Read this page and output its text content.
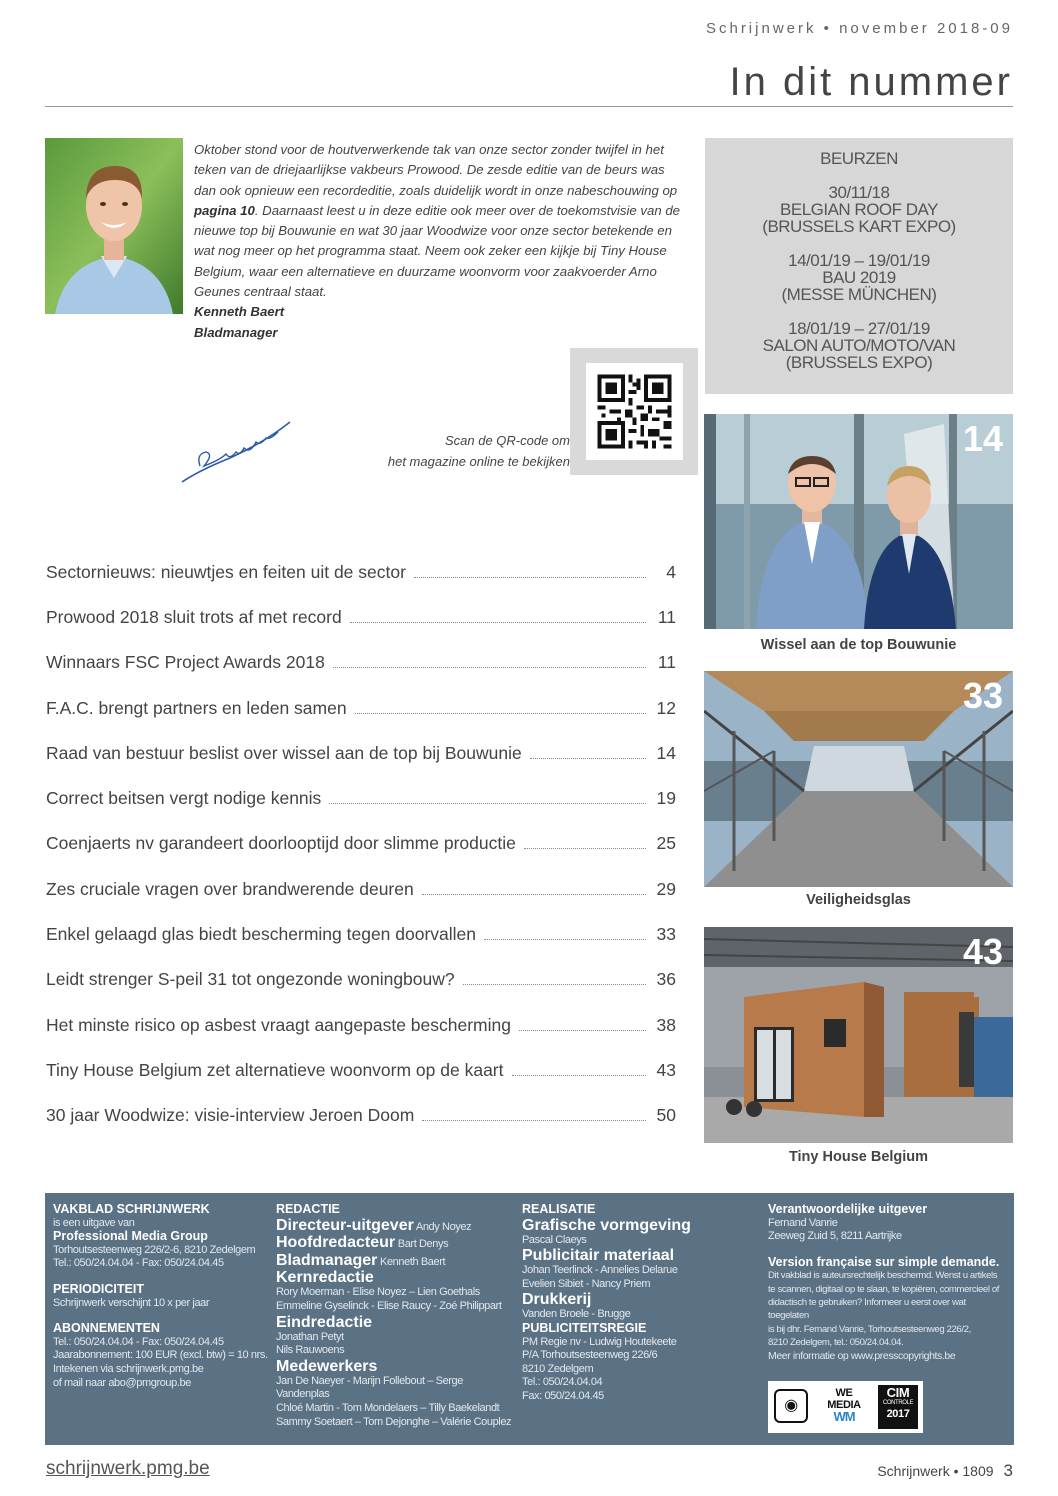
Schrijnwerk • november 2018-09
In dit nummer
Oktober stond voor de houtverwerkende tak van onze sector zonder twijfel in het teken van de driejaarlijkse vakbeurs Prowood. De zesde editie van de beurs was dan ook opnieuw een recordeditie, zoals duidelijk wordt in onze nabeschouwing op pagina 10. Daarnaast leest u in deze editie ook meer over de toekomstvisie van de nieuwe top bij Bouwunie en wat 30 jaar Woodwize voor onze sector betekende en wat nog meer op het programma staat. Neem ook zeker een kijkje bij Tiny House Belgium, waar een alternatieve en duurzame woonvorm voor zaakvoerder Arno Geunes centraal staat.
Kenneth Baert
Bladmanager
Scan de QR-code om
het magazine online te bekijken
BEURZEN
30/11/18
BELGIAN ROOF DAY
(BRUSSELS KART EXPO)
14/01/19 – 19/01/19
BAU 2019
(MESSE MÜNCHEN)
18/01/19 – 27/01/19
SALON AUTO/MOTO/VAN
(BRUSSELS EXPO)
Sectornieuws: nieuwtjes en feiten uit de sector	4
Prowood 2018 sluit trots af met record	11
Winnaars FSC Project Awards 2018	11
F.A.C. brengt partners en leden samen	12
Raad van bestuur beslist over wissel aan de top bij Bouwunie	14
Correct beitsen vergt nodige kennis	19
Coenjaerts nv garandeert doorlooptijd door slimme productie	25
Zes cruciale vragen over brandwerende deuren	29
Enkel gelaagd glas biedt bescherming tegen doorvallen	33
Leidt strenger S-peil 31 tot ongezonde woningbouw?	36
Het minste risico op asbest vraagt aangepaste bescherming	38
Tiny House Belgium zet alternatieve woonvorm op de kaart	43
30 jaar Woodwize: visie-interview Jeroen Doom	50
14
Wissel aan de top Bouwunie
33
Veiligheidsglas
43
Tiny House Belgium
VAKBLAD SCHRIJNWERK
is een uitgave van
Professional Media Group
Torhoutsesteenweg 226/2-6, 8210 Zedelgem
Tel.: 050/24.04.04 - Fax: 050/24.04.45
PERIODICITEIT
Schrijnwerk verschijnt 10 x per jaar
ABONNEMENTEN
Tel.: 050/24.04.04 - Fax: 050/24.04.45
Jaarabonnement: 100 EUR (excl. btw) = 10 nrs.
Intekenen via schrijnwerk.pmg.be
of mail naar abo@pmgroup.be
REDACTIE
Directeur-uitgever Andy Noyez
Hoofdredacteur Bart Denys
Bladmanager Kenneth Baert
Kernredactie
Rory Moerman - Elise Noyez – Lien Goethals
Emmeline Gyselinck - Elise Raucy - Zoé Philippart
Eindredactie
Jonathan Petyt
Nils Rauwoens
Medewerkers
Jan De Naeyer - Marijn Follebout – Serge Vandenplas
Chloé Martin - Tom Mondelaers – Tilly Baekelandt
Sammy Soetaert – Tom Dejonghe – Valérie Couplez
REALISATIE
Grafische vormgeving
Pascal Claeys
Publicitair materiaal
Johan Teerlinck - Annelies Delarue
Evelien Sibiet - Nancy Priem
Drukkerij
Vanden Broele - Brugge
PUBLICITEITSREGIE
PM Regie nv - Ludwig Houtekeete
P/A Torhoutsesteenweg 226/6
8210 Zedelgem
Tel.: 050/24.04.04
Fax: 050/24.04.45
Verantwoordelijke uitgever
Fernand Vanrie
Zeeweg Zuid 5, 8211 Aartrijke
Version française sur simple demande.
Dit vakblad is auteursrechtelijk beschermd. Wenst u artikels
te scannen, digitaal op te slaan, te kopiëren, commercieel of
didactisch te gebruiken? Informeer u eerst over wat toegelaten
is bij dhr. Fernand Vanrie, Torhoutsesteenweg 226/2,
8210 Zedelgem, tel.: 050/24.04.04.
Meer informatie op www.presscopyrights.be
◉
WE
MEDIA
WM
CIM
CONTROLE
2017
schrijnwerk.pmg.be	Schrijnwerk • 1809 3
